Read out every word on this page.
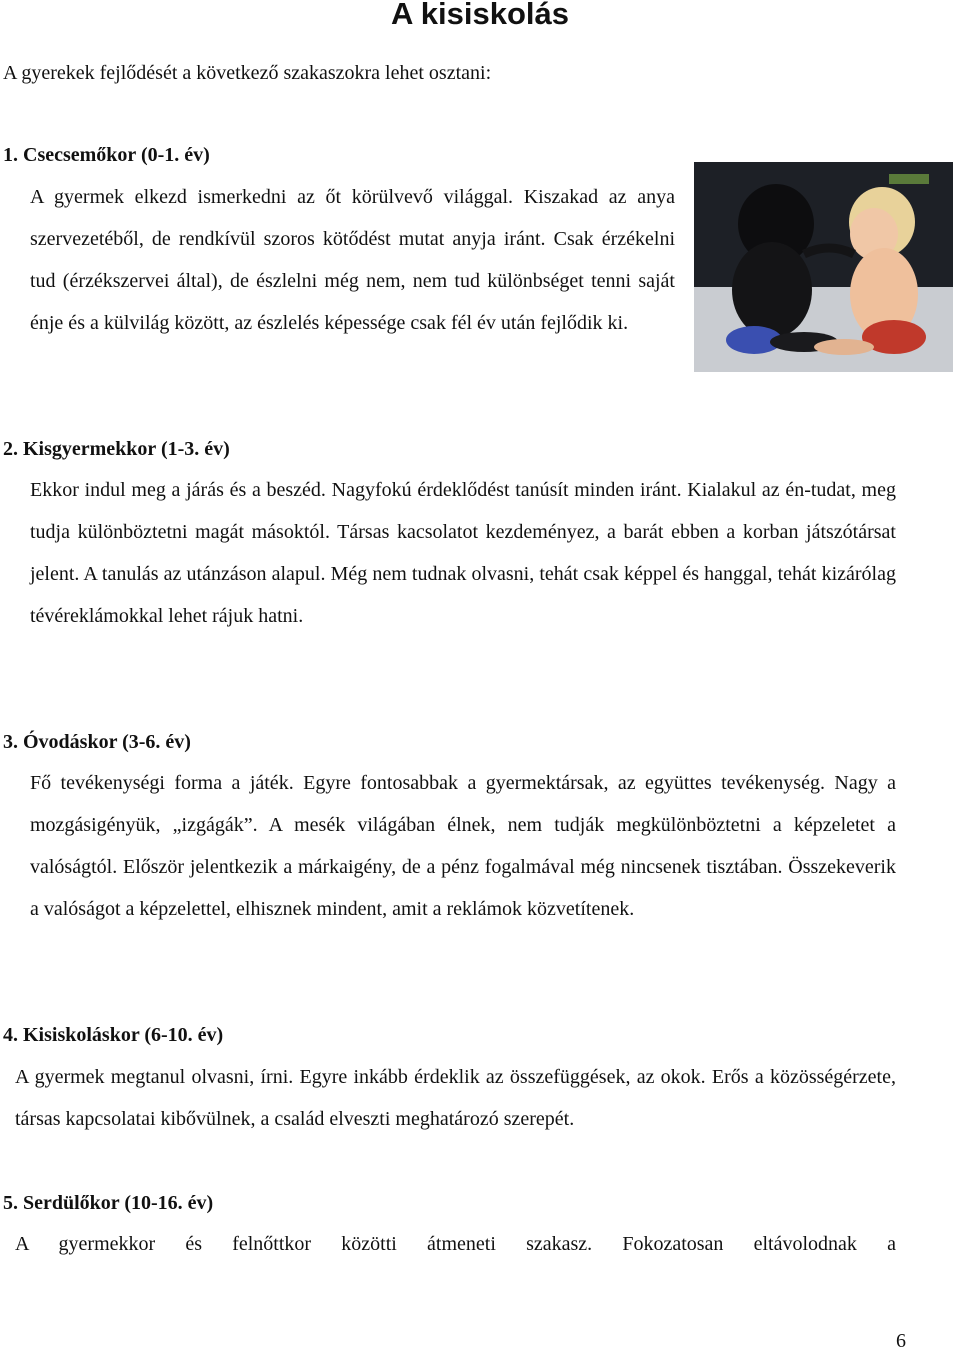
A kisiskolás
A gyerekek fejlődését a következő szakaszokra lehet osztani:
1. Csecsemőkor (0-1. év)
A gyermek elkezd ismerkedni az őt körülvevő világgal. Kiszakad az anya szervezetéből, de rendkívül szoros kötődést mutat anyja iránt. Csak érzékelni tud (érzékszervei által), de észlelni még nem, nem tud különbséget tenni saját énje és a külvilág között, az észlelés képessége csak fél év után fejlődik ki.
2. Kisgyermekkor (1-3. év)
Ekkor indul meg a járás és a beszéd. Nagyfokú érdeklődést tanúsít minden iránt. Kialakul az én-tudat, meg tudja különböztetni magát másoktól. Társas kacsolatot kezdeményez, a barát ebben a korban játszótársat jelent. A tanulás az utánzáson alapul. Még nem tudnak olvasni, tehát csak képpel és hanggal, tehát kizárólag tévéreklámokkal lehet rájuk hatni.
3. Óvodáskor (3-6. év)
Fő tevékenységi forma a játék. Egyre fontosabbak a gyermektársak, az együttes tevékenység. Nagy a mozgásigényük, „izgágák”. A mesék világában élnek, nem tudják megkülönböztetni a képzeletet a valóságtól. Először jelentkezik a márkaigény, de a pénz fogalmával még nincsenek tisztában. Összekeverik a valóságot a képzelettel, elhisznek mindent, amit a reklámok közvetítenek.
4. Kisiskoláskor (6-10. év)
A gyermek megtanul olvasni, írni. Egyre inkább érdeklik az összefüggések, az okok. Erős a közösségérzete, társas kapcsolatai kibővülnek, a család elveszti meghatározó szerepét.
5. Serdülőkor (10-16. év)
A gyermekkor és felnőttkor közötti átmeneti szakasz. Fokozatosan eltávolodnak a
6
